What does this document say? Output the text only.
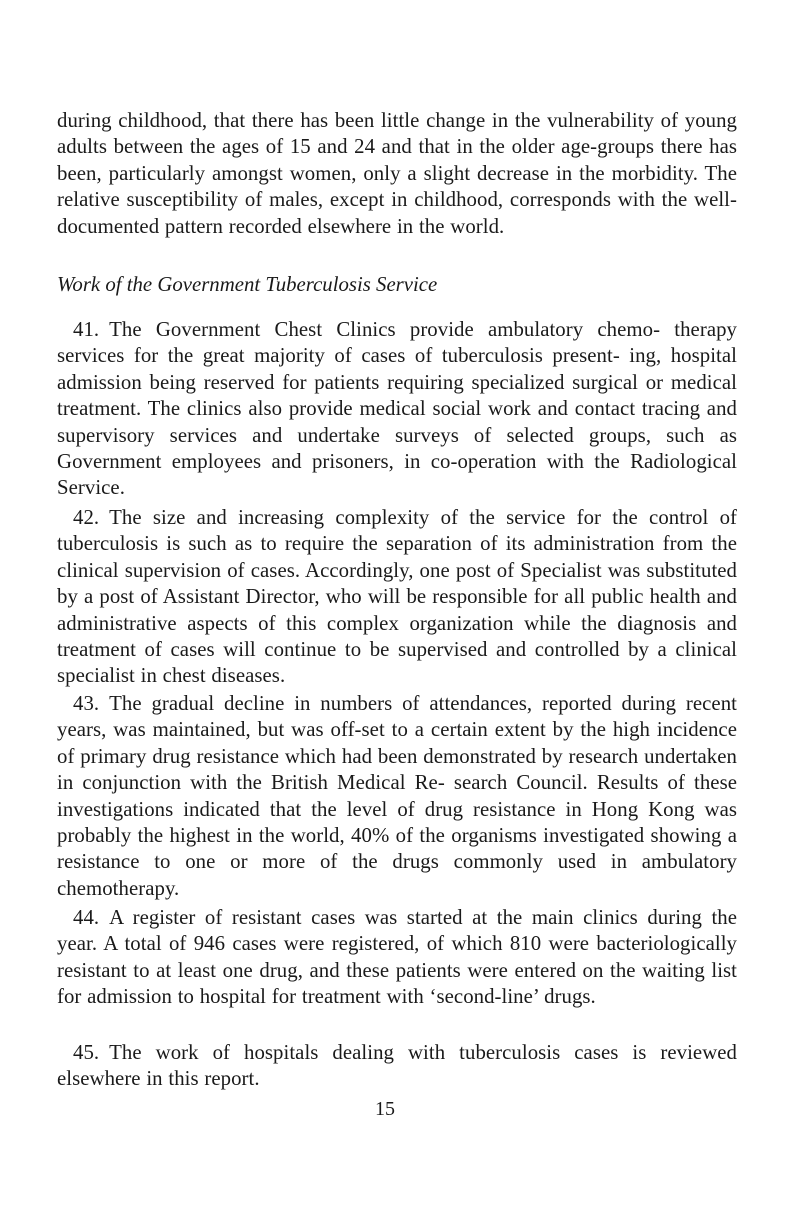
during childhood, that there has been little change in the vulnerability of young adults between the ages of 15 and 24 and that in the older age-groups there has been, particularly amongst women, only a slight decrease in the morbidity. The relative susceptibility of males, except in childhood, corresponds with the well-documented pattern recorded elsewhere in the world.
Work of the Government Tuberculosis Service
41. The Government Chest Clinics provide ambulatory chemo- therapy services for the great majority of cases of tuberculosis present- ing, hospital admission being reserved for patients requiring specialized surgical or medical treatment. The clinics also provide medical social work and contact tracing and supervisory services and undertake surveys of selected groups, such as Government employees and prisoners, in co-operation with the Radiological Service.
42. The size and increasing complexity of the service for the control of tuberculosis is such as to require the separation of its administration from the clinical supervision of cases. Accordingly, one post of Specialist was substituted by a post of Assistant Director, who will be responsible for all public health and administrative aspects of this complex organization while the diagnosis and treatment of cases will continue to be supervised and controlled by a clinical specialist in chest diseases.
43. The gradual decline in numbers of attendances, reported during recent years, was maintained, but was off-set to a certain extent by the high incidence of primary drug resistance which had been demonstrated by research undertaken in conjunction with the British Medical Re- search Council. Results of these investigations indicated that the level of drug resistance in Hong Kong was probably the highest in the world, 40% of the organisms investigated showing a resistance to one or more of the drugs commonly used in ambulatory chemotherapy.
44. A register of resistant cases was started at the main clinics during the year. A total of 946 cases were registered, of which 810 were bacteriologically resistant to at least one drug, and these patients were entered on the waiting list for admission to hospital for treatment with ‘second-line’ drugs.
45. The work of hospitals dealing with tuberculosis cases is reviewed elsewhere in this report.
15
